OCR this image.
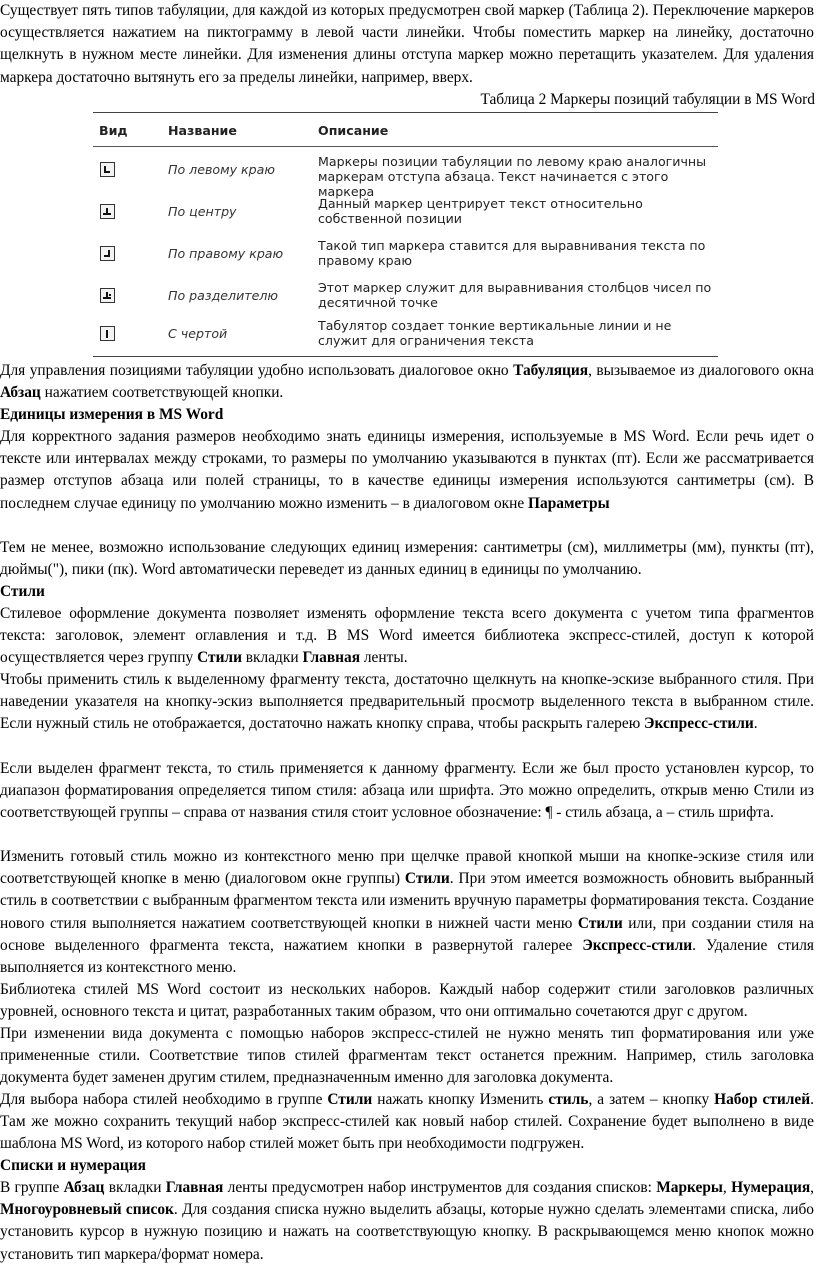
Существует пять типов табуляции, для каждой из которых предусмотрен свой маркер (Таблица 2). Переключение маркеров осуществляется нажатием на пиктограмму в левой части линейки. Чтобы поместить маркер на линейку, достаточно щелкнуть в нужном месте линейки. Для изменения длины отступа маркер можно перетащить указателем. Для удаления маркера достаточно вытянуть его за пределы линейки, например, вверх.

Таблица 2 Маркеры позиций табуляции в MS Word

Вид	Название	Описание
По левому краю
Маркеры позиции табуляции по левому краю аналогичны маркерам отступа абзаца. Текст начинается с этого маркера
По центру
Данный маркер центрирует текст относительно собственной позиции
По правому краю
Такой тип маркера ставится для выравнивания текста по правому краю
По разделителю
Этот маркер служит для выравнивания столбцов чисел по десятичной точке
С чертой
Табулятор создает тонкие вертикальные линии и не служит для ограничения текста

Для управления позициями табуляции удобно использовать диалоговое окно Табуляция, вызываемое из диалогового окна Абзац нажатием соответствующей кнопки.

Единицы измерения в MS Word

Для корректного задания размеров необходимо знать единицы измерения, используемые в MS Word. Если речь идет о тексте или интервалах между строками, то размеры по умолчанию указываются в пунктах (пт). Если же рассматривается размер отступов абзаца или полей страницы, то в качестве единицы измерения используются сантиметры (см). В последнем случае единицу по умолчанию можно изменить – в диалоговом окне Параметры

Тем не менее, возможно использование следующих единиц измерения: сантиметры (см), миллиметры (мм), пункты (пт), дюймы("), пики (пк). Word автоматически переведет из данных единиц в единицы по умолчанию.

Стили

Стилевое оформление документа позволяет изменять оформление текста всего документа с учетом типа фрагментов текста: заголовок, элемент оглавления и т.д. В MS Word имеется библиотека экспресс-стилей, доступ к которой осуществляется через группу Стили вкладки Главная ленты.

Чтобы применить стиль к выделенному фрагменту текста, достаточно щелкнуть на кнопке-эскизе выбранного стиля. При наведении указателя на кнопку-эскиз выполняется предварительный просмотр выделенного текста в выбранном стиле. Если нужный стиль не отображается, достаточно нажать кнопку справа, чтобы раскрыть галерею Экспресс-стили.

Если выделен фрагмент текста, то стиль применяется к данному фрагменту. Если же был просто установлен курсор, то диапазон форматирования определяется типом стиля: абзаца или шрифта. Это можно определить, открыв меню Стили из соответствующей группы – справа от названия стиля стоит условное обозначение: ¶ - стиль абзаца, а – стиль шрифта.

Изменить готовый стиль можно из контекстного меню при щелчке правой кнопкой мыши на кнопке-эскизе стиля или соответствующей кнопке в меню (диалоговом окне группы) Стили. При этом имеется возможность обновить выбранный стиль в соответствии с выбранным фрагментом текста или изменить вручную параметры форматирования текста. Создание нового стиля выполняется нажатием соответствующей кнопки в нижней части меню Стили или, при создании стиля на основе выделенного фрагмента текста, нажатием кнопки в развернутой галерее Экспресс-стили. Удаление стиля выполняется из контекстного меню.

Библиотека стилей MS Word состоит из нескольких наборов. Каждый набор содержит стили заголовков различных уровней, основного текста и цитат, разработанных таким образом, что они оптимально сочетаются друг с другом.

При изменении вида документа с помощью наборов экспресс-стилей не нужно менять тип форматирования или уже примененные стили. Соответствие типов стилей фрагментам текст останется прежним. Например, стиль заголовка документа будет заменен другим стилем, предназначенным именно для заголовка документа.

Для выбора набора стилей необходимо в группе Стили нажать кнопку Изменить стиль, а затем – кнопку Набор стилей. Там же можно сохранить текущий набор экспресс-стилей как новый набор стилей. Сохранение будет выполнено в виде шаблона MS Word, из которого набор стилей может быть при необходимости подгружен.

Списки и нумерация

В группе Абзац вкладки Главная ленты предусмотрен набор инструментов для создания списков: Маркеры, Нумерация, Многоуровневый список. Для создания списка нужно выделить абзацы, которые нужно сделать элементами списка, либо установить курсор в нужную позицию и нажать на соответствующую кнопку. В раскрывающемся меню кнопок можно установить тип маркера/формат номера.
